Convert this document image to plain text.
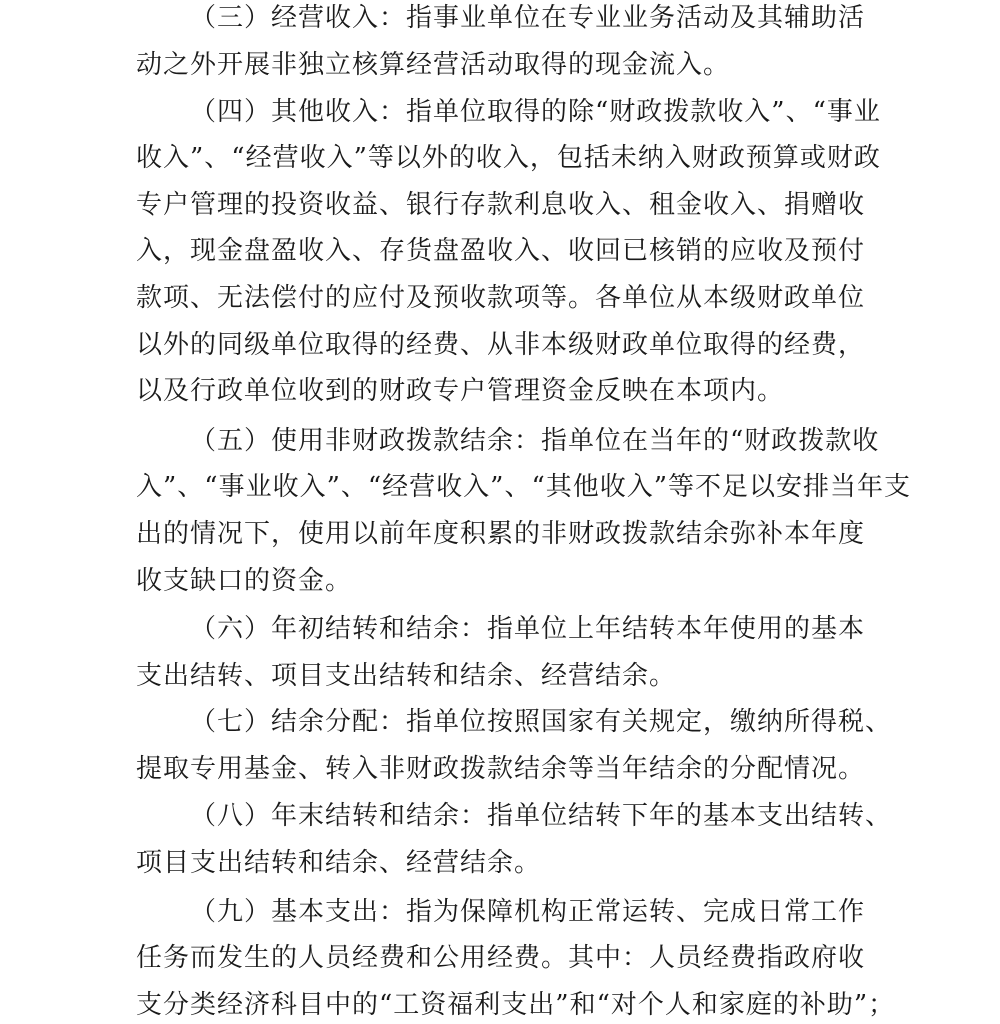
（三）经营收入：指事业单位在专业业务活动及其辅助活

动之外开展非独立核算经营活动取得的现金流入。

（四）其他收入：指单位取得的除“财政拨款收入”、“事业

收入”、“经营收入”等以外的收入，包括未纳入财政预算或财政

专户管理的投资收益、银行存款利息收入、租金收入、捐赠收

入，现金盘盈收入、存货盘盈收入、收回已核销的应收及预付

款项、无法偿付的应付及预收款项等。各单位从本级财政单位

以外的同级单位取得的经费、从非本级财政单位取得的经费，

以及行政单位收到的财政专户管理资金反映在本项内。

（五）使用非财政拨款结余：指单位在当年的“财政拨款收

入”、“事业收入”、“经营收入”、“其他收入”等不足以安排当年支

出的情况下，使用以前年度积累的非财政拨款结余弥补本年度

收支缺口的资金。

（六）年初结转和结余：指单位上年结转本年使用的基本

支出结转、项目支出结转和结余、经营结余。

（七）结余分配：指单位按照国家有关规定，缴纳所得税、

提取专用基金、转入非财政拨款结余等当年结余的分配情况。

（八）年末结转和结余：指单位结转下年的基本支出结转、

项目支出结转和结余、经营结余。

（九）基本支出：指为保障机构正常运转、完成日常工作

任务而发生的人员经费和公用经费。其中：人员经费指政府收

支分类经济科目中的“工资福利支出”和“对个人和家庭的补助”；
